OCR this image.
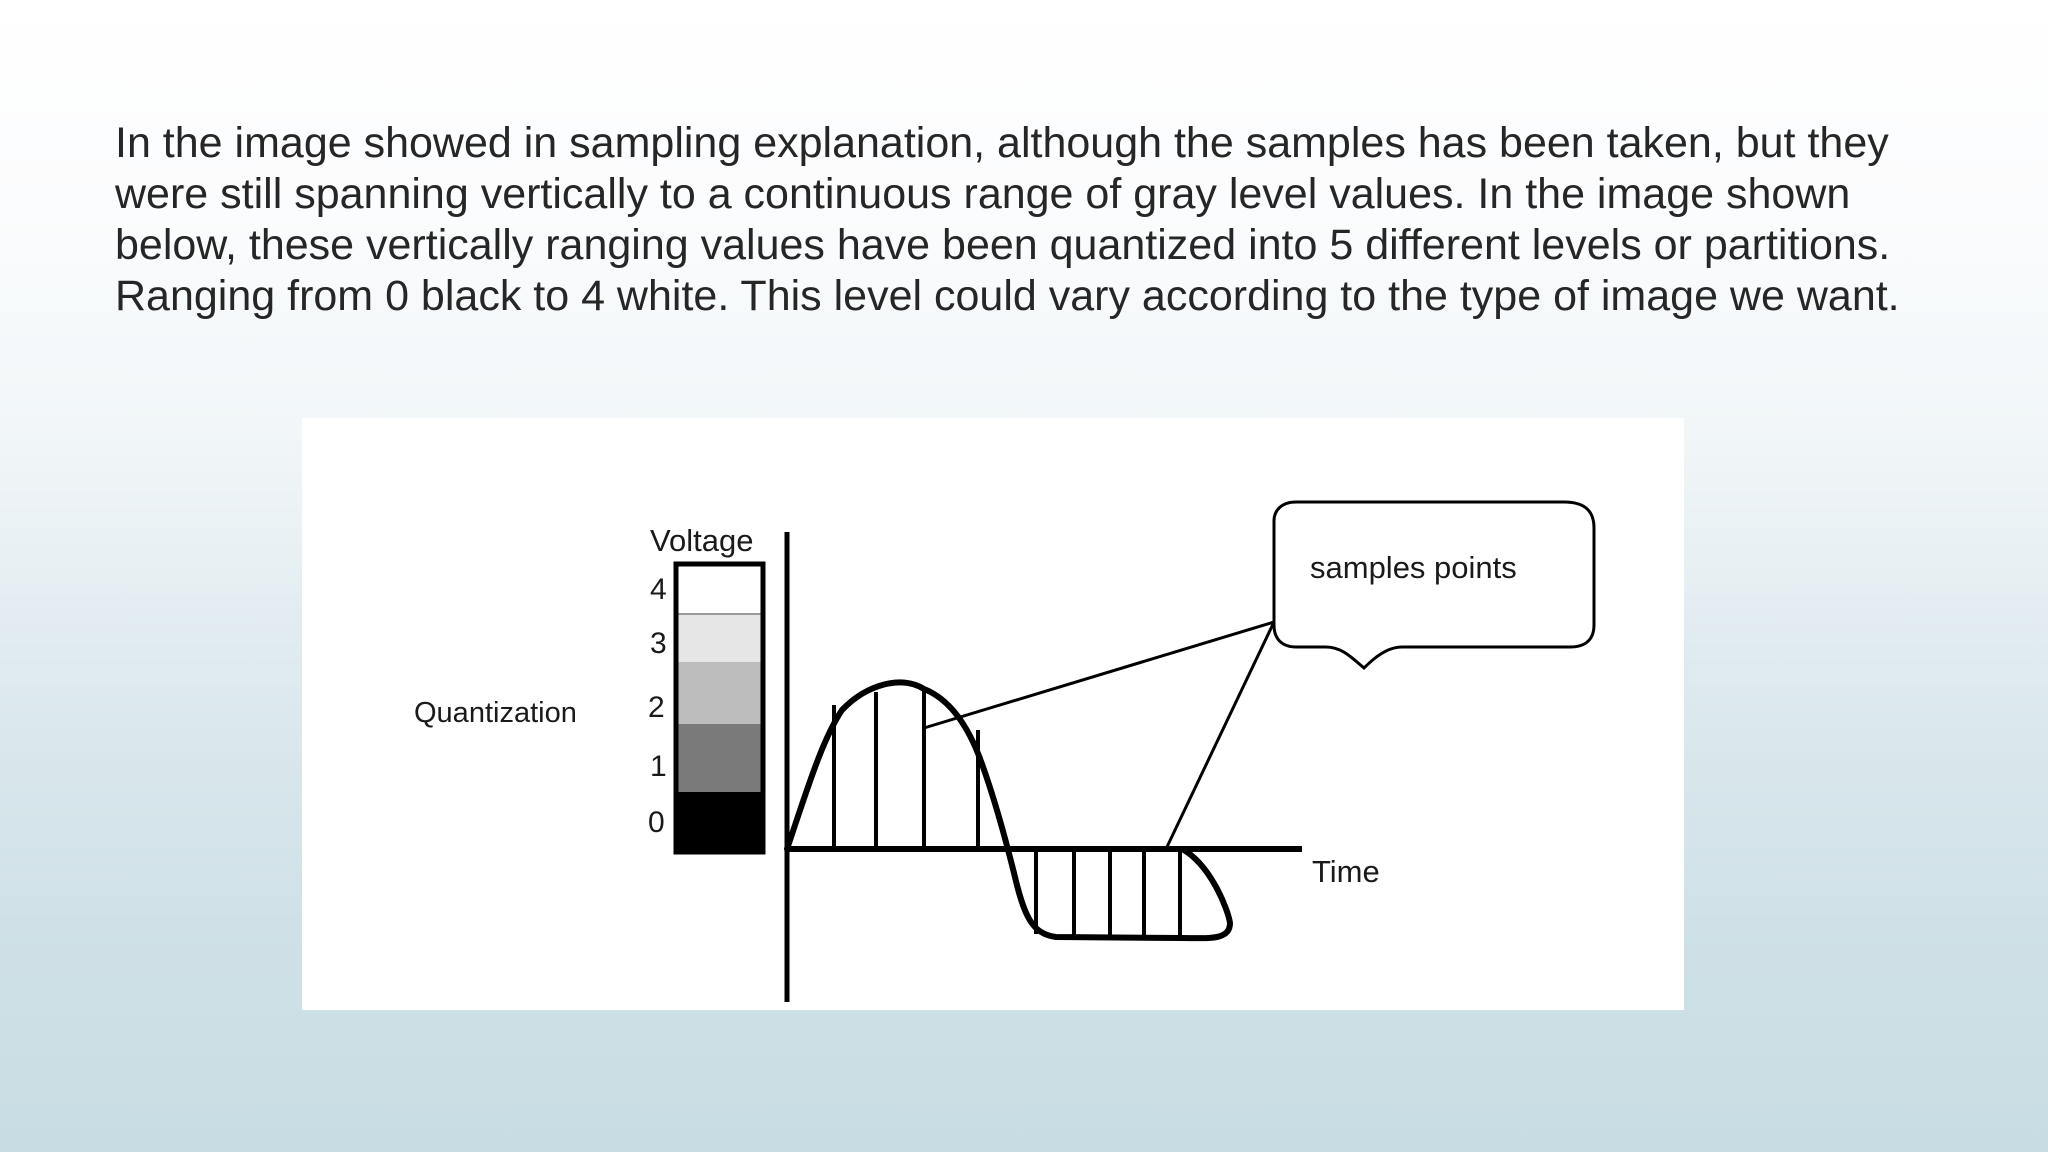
In the image showed in sampling explanation, although the samples has been taken, but they
were still spanning vertically to a continuous range of gray level values. In the image shown
below, these vertically ranging values have been quantized into 5 different levels or partitions.
Ranging from 0 black to 4 white. This level could vary according to the type of image we want.
4
3
2
1
0
Voltage
Quantization
Time
samples points
